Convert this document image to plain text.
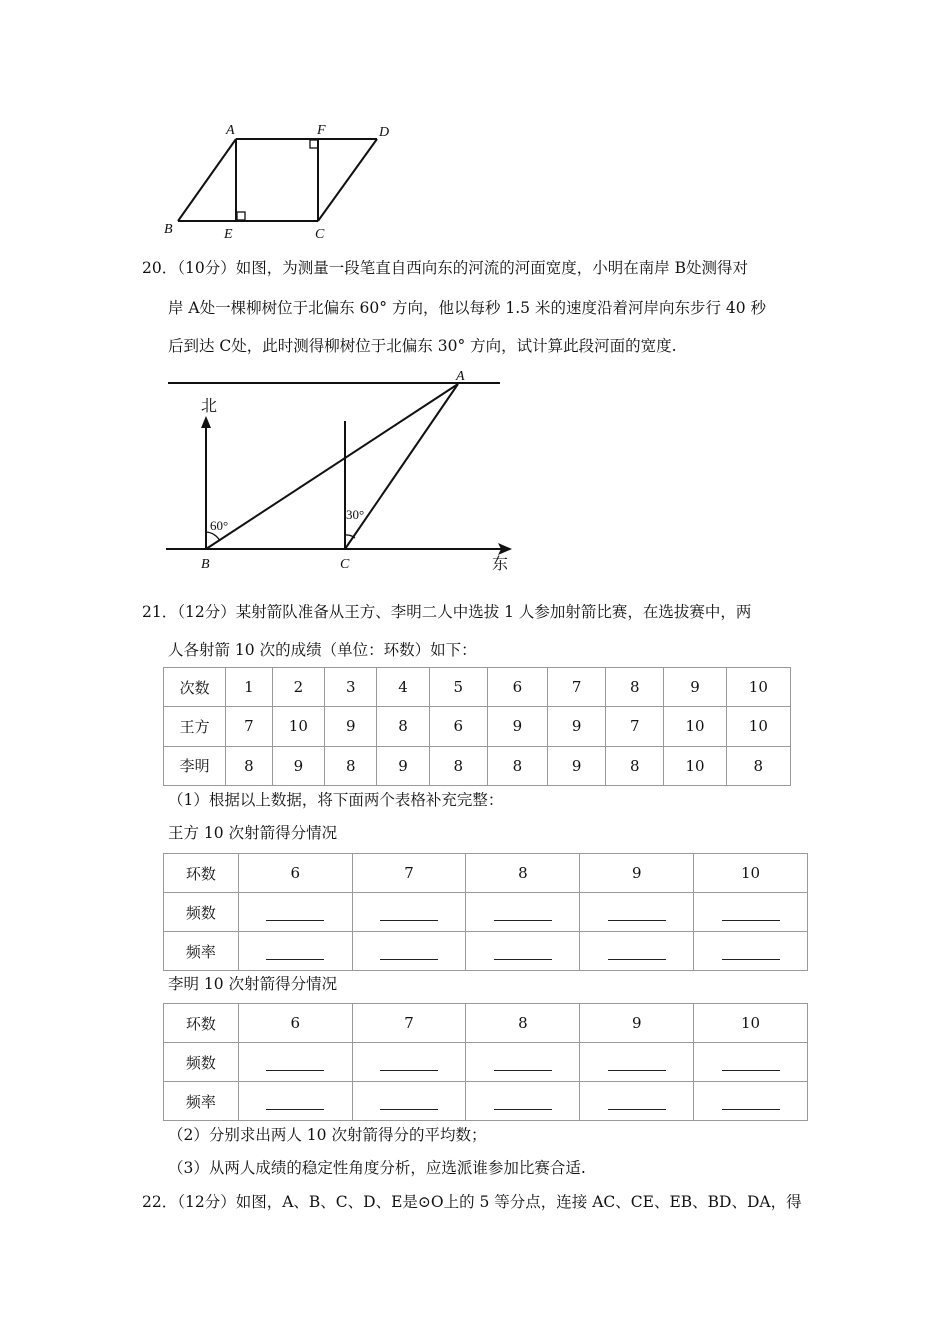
A	F	D
B	E	C
20．（10分）如图，为测量一段笔直自西向东的河流的河面宽度，小明在南岸 B处测得对
岸 A处一棵柳树位于北偏东 60° 方向，他以每秒 1.5 米的速度沿着河岸向东步行 40 秒
后到达 C处，此时测得柳树位于北偏东 30° 方向，试计算此段河面的宽度.
北
东
A
B	C
60°
30°
21．（12分）某射箭队准备从王方、李明二人中选拔 1 人参加射箭比赛，在选拔赛中，两
人各射箭 10 次的成绩（单位：环数）如下：
次数	1	2	3	4	5	6	7	8	9	10
王方	7	10	9	8	6	9	9	7	10	10
李明	8	9	8	9	8	8	9	8	10	8
（1）根据以上数据，将下面两个表格补充完整：
王方 10 次射箭得分情况
环数	6	7	8	9	10
频数					
频率					
李明 10 次射箭得分情况
环数	6	7	8	9	10
频数					
频率					
（2）分别求出两人 10 次射箭得分的平均数；
（3）从两人成绩的稳定性角度分析，应选派谁参加比赛合适.
22．（12分）如图，A、B、C、D、E是⊙O上的 5 等分点，连接 AC、CE、EB、BD、DA，得
